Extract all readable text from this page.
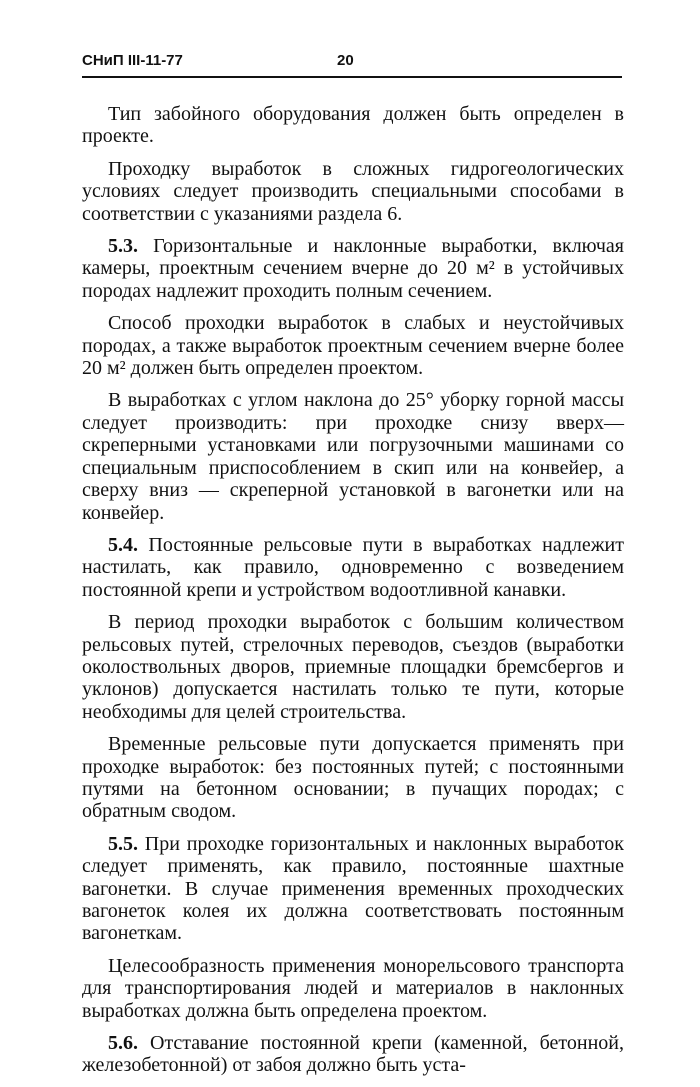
СНиП III-11-77	20

Тип забойного оборудования должен быть определен в проекте.

Проходку выработок в сложных гидрогеологических условиях следует производить специальными способами в соответствии с указаниями раздела 6.

5.3. Горизонтальные и наклонные выработки, включая камеры, проектным сечением вчерне до 20 м² в устойчивых породах надлежит проходить полным сечением.

Способ проходки выработок в слабых и неустойчивых породах, а также выработок проектным сечением вчерне более 20 м² должен быть определен проектом.

В выработках с углом наклона до 25° уборку горной массы следует производить: при проходке снизу вверх— скреперными установками или погрузочными машинами со специальным приспособлением в скип или на конвейер, а сверху вниз — скреперной установкой в вагонетки или на конвейер.

5.4. Постоянные рельсовые пути в выработках надлежит настилать, как правило, одновременно с возведением постоянной крепи и устройством водоотливной канавки.

В период проходки выработок с большим количеством рельсовых путей, стрелочных переводов, съездов (выработки околоствольных дворов, приемные площадки бремсбергов и уклонов) допускается настилать только те пути, которые необходимы для целей строительства.

Временные рельсовые пути допускается применять при проходке выработок: без постоянных путей; с постоянными путями на бетонном основании; в пучащих породах; с обратным сводом.

5.5. При проходке горизонтальных и наклонных выработок следует применять, как правило, постоянные шахтные вагонетки. В случае применения временных проходческих вагонеток колея их должна соответствовать постоянным вагонеткам.

Целесообразность применения монорельсового транспорта для транспортирования людей и материалов в наклонных выработках должна быть определена проектом.

5.6. Отставание постоянной крепи (каменной, бетонной, железобетонной) от забоя должно быть уста-
